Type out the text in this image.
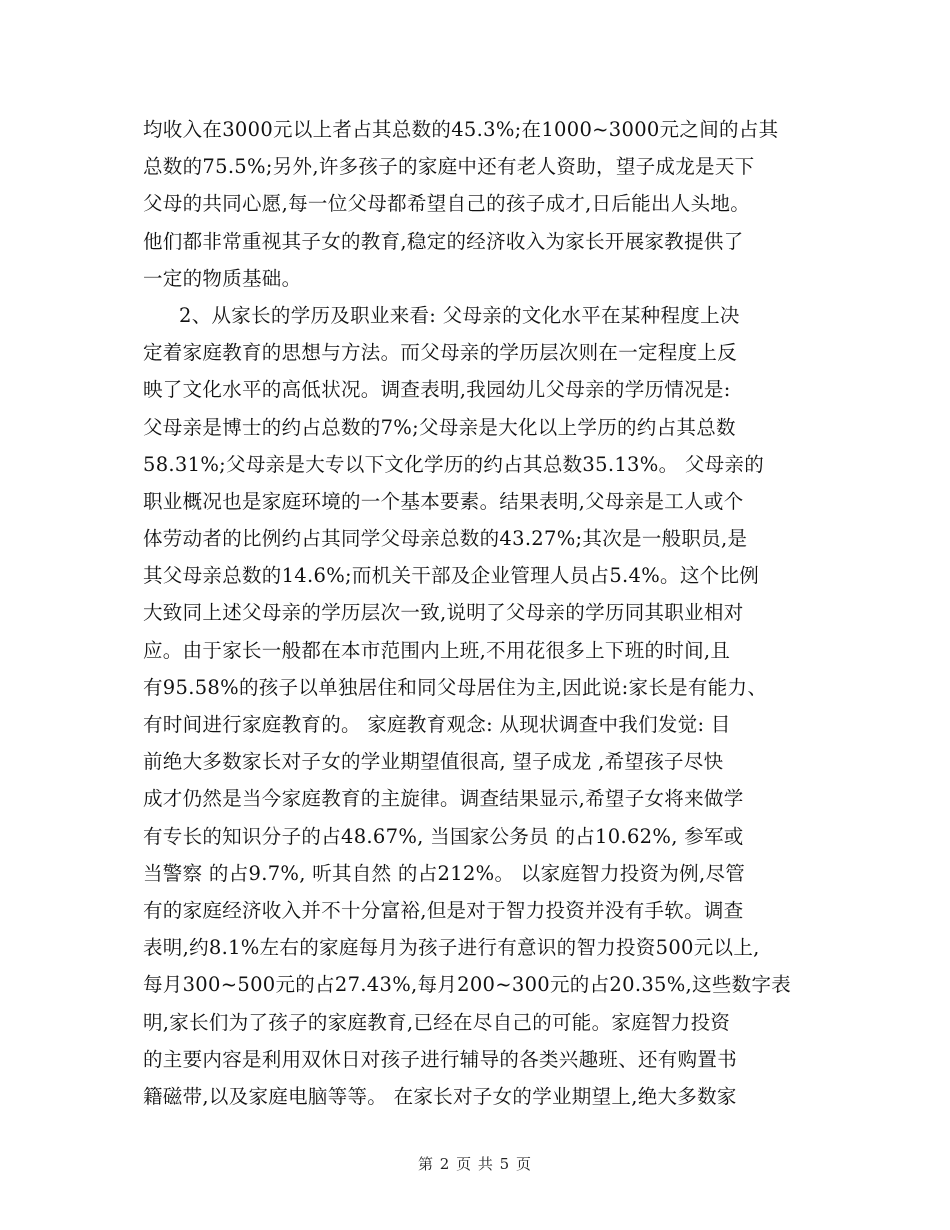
均收入在3000元以上者占其总数的45.3%;在1000~3000元之间的占其
总数的75.5%;另外,许多孩子的家庭中还有老人资助，望子成龙是天下
父母的共同心愿,每一位父母都希望自己的孩子成才,日后能出人头地。
他们都非常重视其子女的教育,稳定的经济收入为家长开展家教提供了
一定的物质基础。
2、从家长的学历及职业来看: 父母亲的文化水平在某种程度上决
定着家庭教育的思想与方法。而父母亲的学历层次则在一定程度上反
映了文化水平的高低状况。调查表明,我园幼儿父母亲的学历情况是:
父母亲是博士的约占总数的7%;父母亲是大化以上学历的约占其总数
58.31%;父母亲是大专以下文化学历的约占其总数35.13%。 父母亲的
职业概况也是家庭环境的一个基本要素。结果表明,父母亲是工人或个
体劳动者的比例约占其同学父母亲总数的43.27%;其次是一般职员,是
其父母亲总数的14.6%;而机关干部及企业管理人员占5.4%。这个比例
大致同上述父母亲的学历层次一致,说明了父母亲的学历同其职业相对
应。由于家长一般都在本市范围内上班,不用花很多上下班的时间,且
有95.58%的孩子以单独居住和同父母居住为主,因此说:家长是有能力、
有时间进行家庭教育的。 家庭教育观念: 从现状调查中我们发觉: 目
前绝大多数家长对子女的学业期望值很高, 望子成龙 ,希望孩子尽快
成才仍然是当今家庭教育的主旋律。调查结果显示,希望子女将来做学
有专长的知识分子的占48.67%, 当国家公务员 的占10.62%, 参军或
当警察 的占9.7%, 听其自然 的占212%。 以家庭智力投资为例,尽管
有的家庭经济收入并不十分富裕,但是对于智力投资并没有手软。调查
表明,约8.1%左右的家庭每月为孩子进行有意识的智力投资500元以上,
每月300~500元的占27.43%,每月200~300元的占20.35%,这些数字表
明,家长们为了孩子的家庭教育,已经在尽自己的可能。家庭智力投资
的主要内容是利用双休日对孩子进行辅导的各类兴趣班、还有购置书
籍磁带,以及家庭电脑等等。 在家长对子女的学业期望上,绝大多数家
第 2 页 共 5 页
